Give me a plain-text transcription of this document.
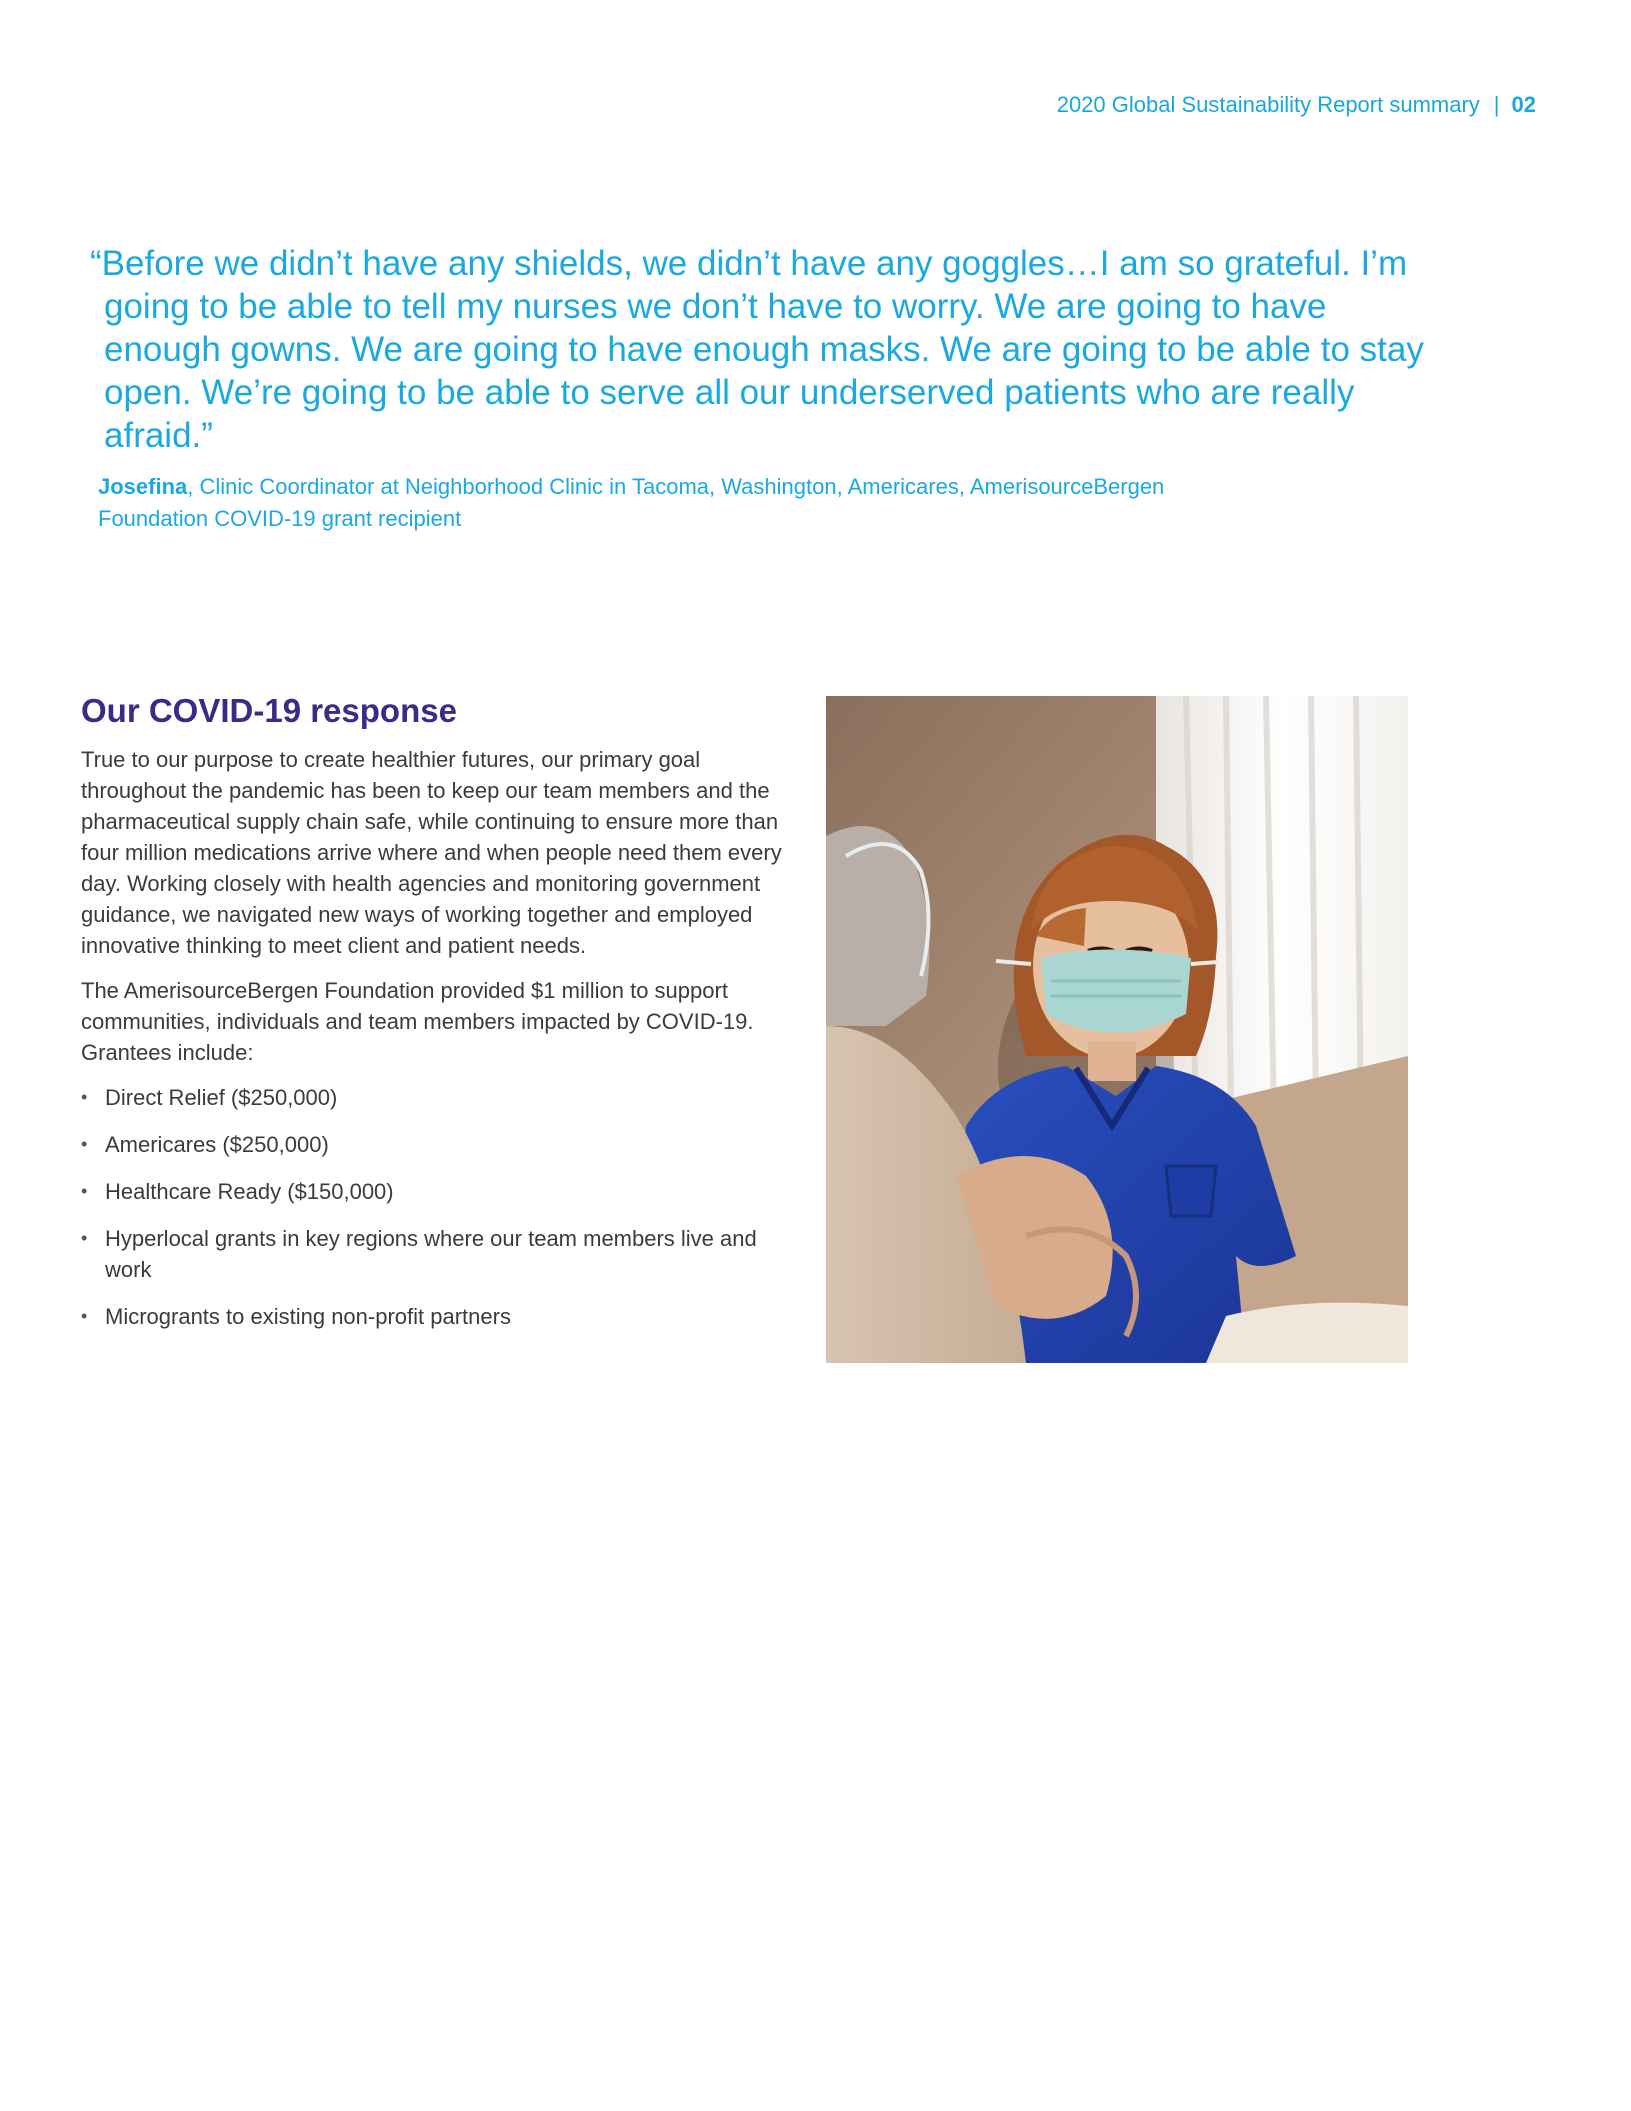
2020 Global Sustainability Report summary | 02

“Before we didn’t have any shields, we didn’t have any goggles…I am so grateful. I’m going to be able to tell my nurses we don’t have to worry. We are going to have enough gowns. We are going to have enough masks. We are going to be able to stay open. We’re going to be able to serve all our underserved patients who are really afraid.”

Josefina, Clinic Coordinator at Neighborhood Clinic in Tacoma, Washington, Americares, AmerisourceBergen Foundation COVID-19 grant recipient
Our COVID-19 response

True to our purpose to create healthier futures, our primary goal throughout the pandemic has been to keep our team members and the pharmaceutical supply chain safe, while continuing to ensure more than four million medications arrive where and when people need them every day. Working closely with health agencies and monitoring government guidance, we navigated new ways of working together and employed innovative thinking to meet client and patient needs.

The AmerisourceBergen Foundation provided $1 million to support communities, individuals and team members impacted by COVID-19. Grantees include:

• Direct Relief ($250,000)
• Americares ($250,000)
• Healthcare Ready ($150,000)
• Hyperlocal grants in key regions where our team members live and work
• Microgrants to existing non-profit partners
